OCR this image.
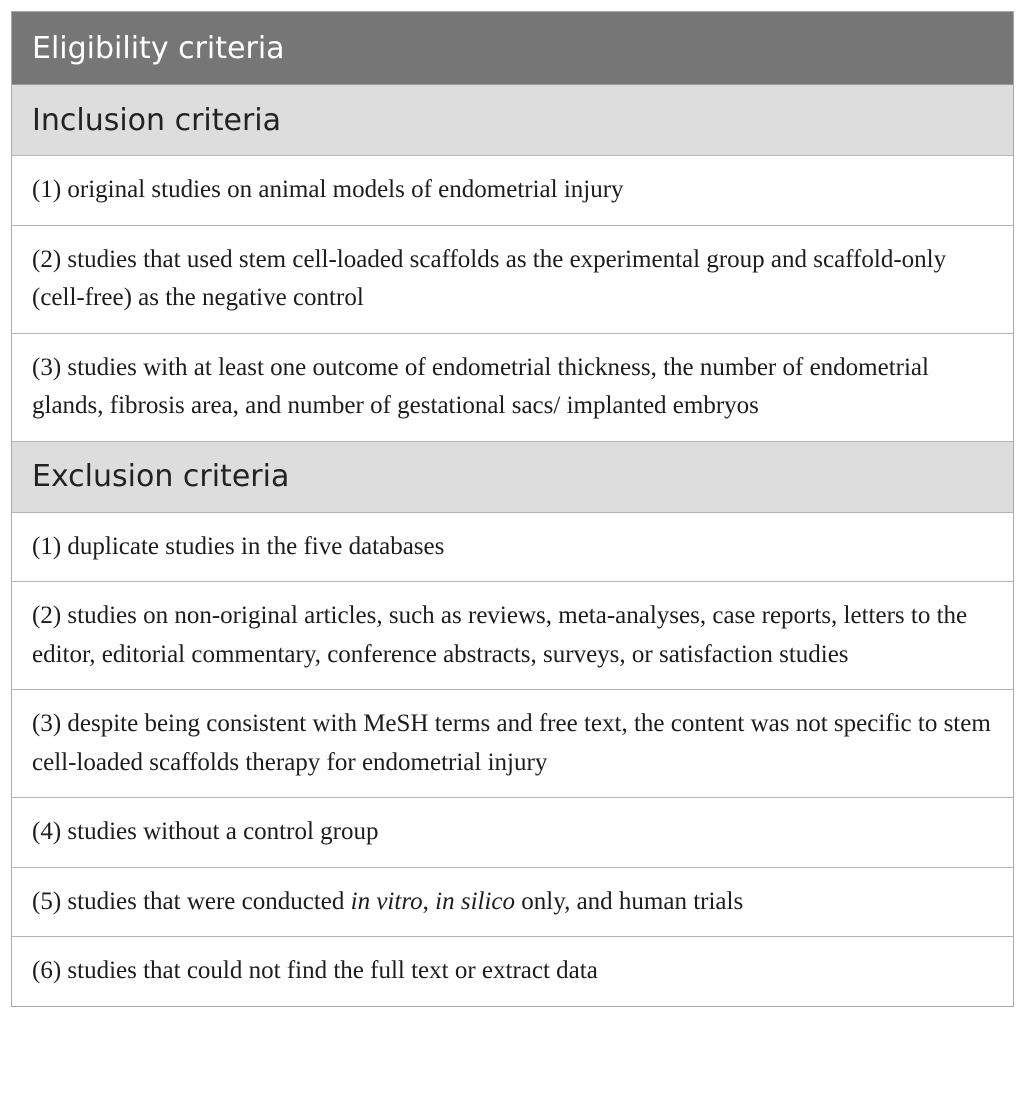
Eligibility criteria
Inclusion criteria
(1) original studies on animal models of endometrial injury
(2) studies that used stem cell-loaded scaffolds as the experimental group and scaffold-only (cell-free) as the negative control
(3) studies with at least one outcome of endometrial thickness, the number of endometrial glands, fibrosis area, and number of gestational sacs/ implanted embryos
Exclusion criteria
(1) duplicate studies in the five databases
(2) studies on non-original articles, such as reviews, meta-analyses, case reports, letters to the editor, editorial commentary, conference abstracts, surveys, or satisfaction studies
(3) despite being consistent with MeSH terms and free text, the content was not specific to stem cell-loaded scaffolds therapy for endometrial injury
(4) studies without a control group
(5) studies that were conducted in vitro, in silico only, and human trials
(6) studies that could not find the full text or extract data
